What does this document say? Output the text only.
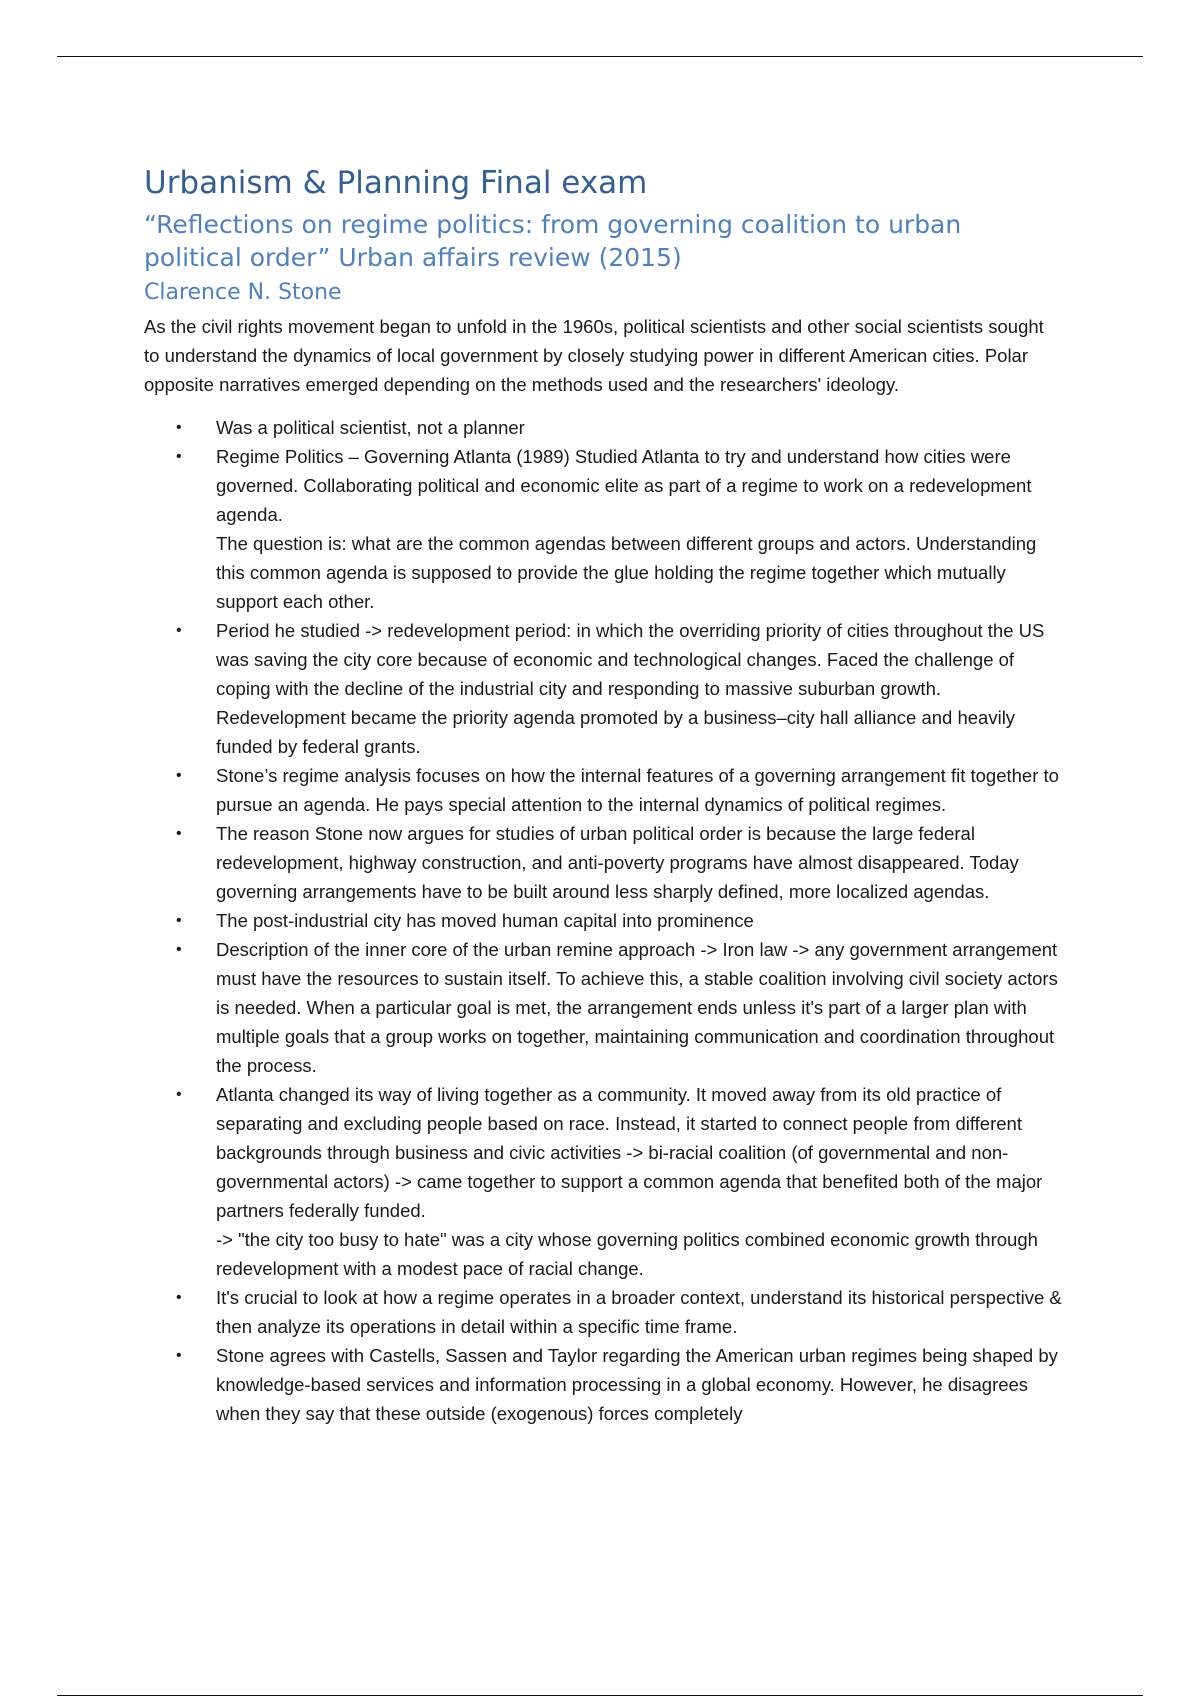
Urbanism & Planning Final exam
“Reflections on regime politics: from governing coalition to urban political order” Urban affairs review (2015)
Clarence N. Stone

As the civil rights movement began to unfold in the 1960s, political scientists and other social scientists sought to understand the dynamics of local government by closely studying power in different American cities. Polar opposite narratives emerged depending on the methods used and the researchers' ideology.

• Was a political scientist, not a planner
• Regime Politics – Governing Atlanta (1989) Studied Atlanta to try and understand how cities were governed. Collaborating political and economic elite as part of a regime to work on a redevelopment agenda.
The question is: what are the common agendas between different groups and actors. Understanding this common agenda is supposed to provide the glue holding the regime together which mutually support each other.
• Period he studied -> redevelopment period: in which the overriding priority of cities throughout the US was saving the city core because of economic and technological changes. Faced the challenge of coping with the decline of the industrial city and responding to massive suburban growth. Redevelopment became the priority agenda promoted by a business–city hall alliance and heavily funded by federal grants.
• Stone’s regime analysis focuses on how the internal features of a governing arrangement fit together to pursue an agenda. He pays special attention to the internal dynamics of political regimes.
• The reason Stone now argues for studies of urban political order is because the large federal redevelopment, highway construction, and anti-poverty programs have almost disappeared. Today governing arrangements have to be built around less sharply defined, more localized agendas.
• The post-industrial city has moved human capital into prominence
• Description of the inner core of the urban remine approach -> Iron law -> any government arrangement must have the resources to sustain itself. To achieve this, a stable coalition involving civil society actors is needed. When a particular goal is met, the arrangement ends unless it's part of a larger plan with multiple goals that a group works on together, maintaining communication and coordination throughout the process.
• Atlanta changed its way of living together as a community. It moved away from its old practice of separating and excluding people based on race. Instead, it started to connect people from different backgrounds through business and civic activities -> bi-racial coalition (of governmental and non-governmental actors) -> came together to support a common agenda that benefited both of the major partners federally funded.
-> "the city too busy to hate" was a city whose governing politics combined economic growth through redevelopment with a modest pace of racial change.
• It's crucial to look at how a regime operates in a broader context, understand its historical perspective & then analyze its operations in detail within a specific time frame.
• Stone agrees with Castells, Sassen and Taylor regarding the American urban regimes being shaped by knowledge-based services and information processing in a global economy. However, he disagrees when they say that these outside (exogenous) forces completely
